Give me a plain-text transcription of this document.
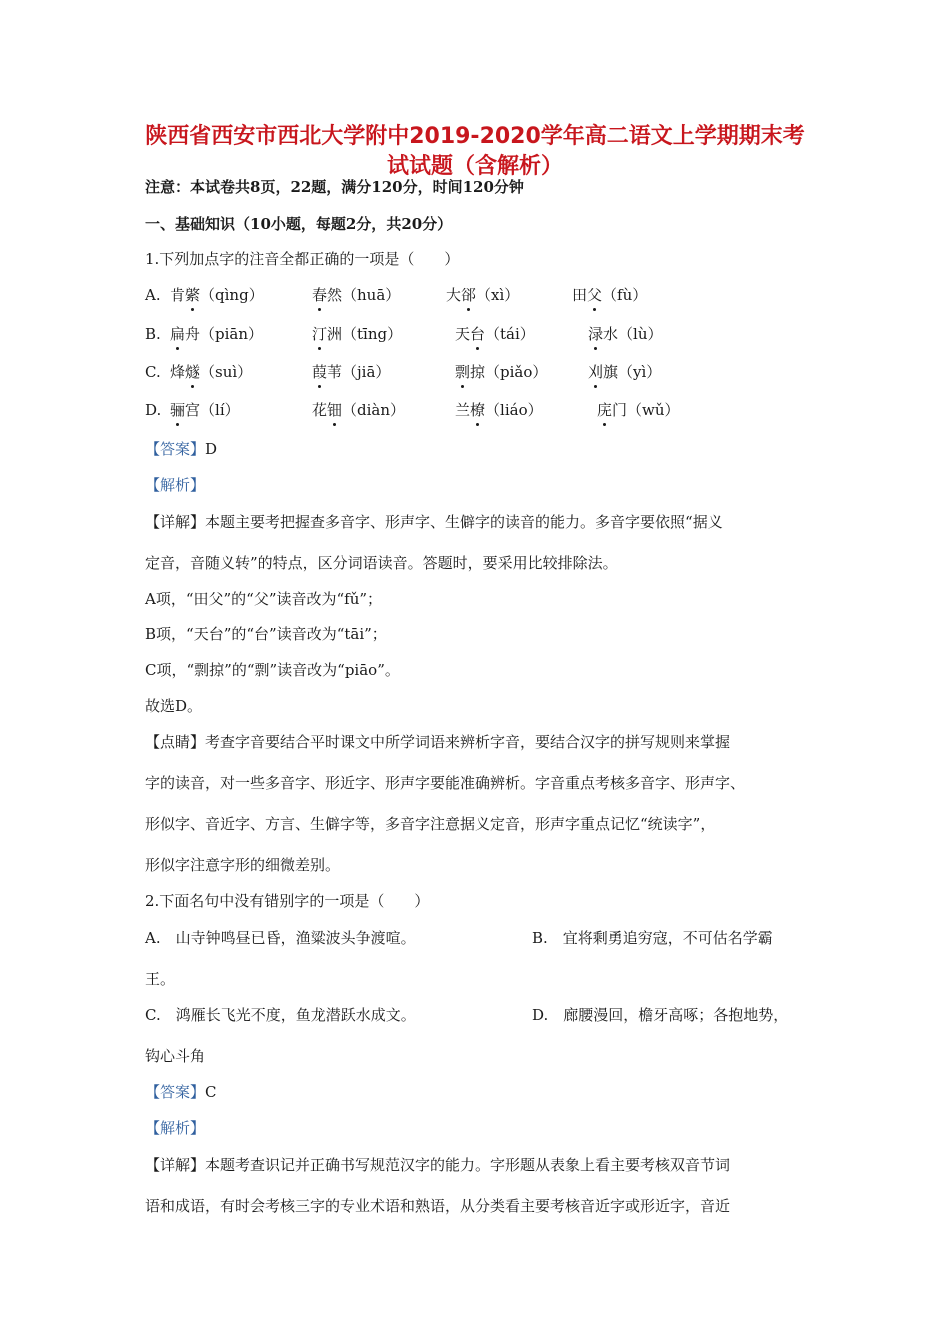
陕西省西安市西北大学附中2019-2020学年高二语文上学期期末考
试试题（含解析）
注意：本试卷共8页，22题，满分120分，时间120分钟
一、基础知识（10小题，每题2分，共20分）
1.下列加点字的注音全都正确的一项是（　　）
A. 肯綮（qìng）	春然（huā）	大郤（xì）	田父（fù）
B. 扁舟（piān）	汀洲（tīng）	天台（tái）	渌水（lù）
C. 烽燧（suì）	葭苇（jiā）	剽掠（piǎo）	刈旗（yì）
D. 骊宫（lí）	花钿（diàn）	兰橑（liáo）	庑门（wǔ）
【答案】D
【解析】
【详解】本题主要考把握查多音字、形声字、生僻字的读音的能力。多音字要依照“据义
定音，音随义转”的特点，区分词语读音。答题时，要采用比较排除法。
A项，“田父”的“父”读音改为“fǔ”；
B项，“天台”的“台”读音改为“tāi”；
C项，“剽掠”的“剽”读音改为“piāo”。
故选D。
【点睛】考查字音要结合平时课文中所学词语来辨析字音，要结合汉字的拼写规则来掌握
字的读音，对一些多音字、形近字、形声字要能准确辨析。字音重点考核多音字、形声字、
形似字、音近字、方言、生僻字等，多音字注意据义定音，形声字重点记忆“统读字”，
形似字注意字形的细微差别。
2.下面名句中没有错别字的一项是（　　）
A.　山寺钟鸣昼已昏，渔粱波头争渡喧。	B.　宜将剩勇追穷寇，不可估名学霸
王。
C.　鸿雁长飞光不度，鱼龙潜跃水成文。	D.　廊腰漫回，檐牙高啄；各抱地势，
钩心斗角
【答案】C
【解析】
【详解】本题考查识记并正确书写规范汉字的能力。字形题从表象上看主要考核双音节词
语和成语，有时会考核三字的专业术语和熟语，从分类看主要考核音近字或形近字，音近
